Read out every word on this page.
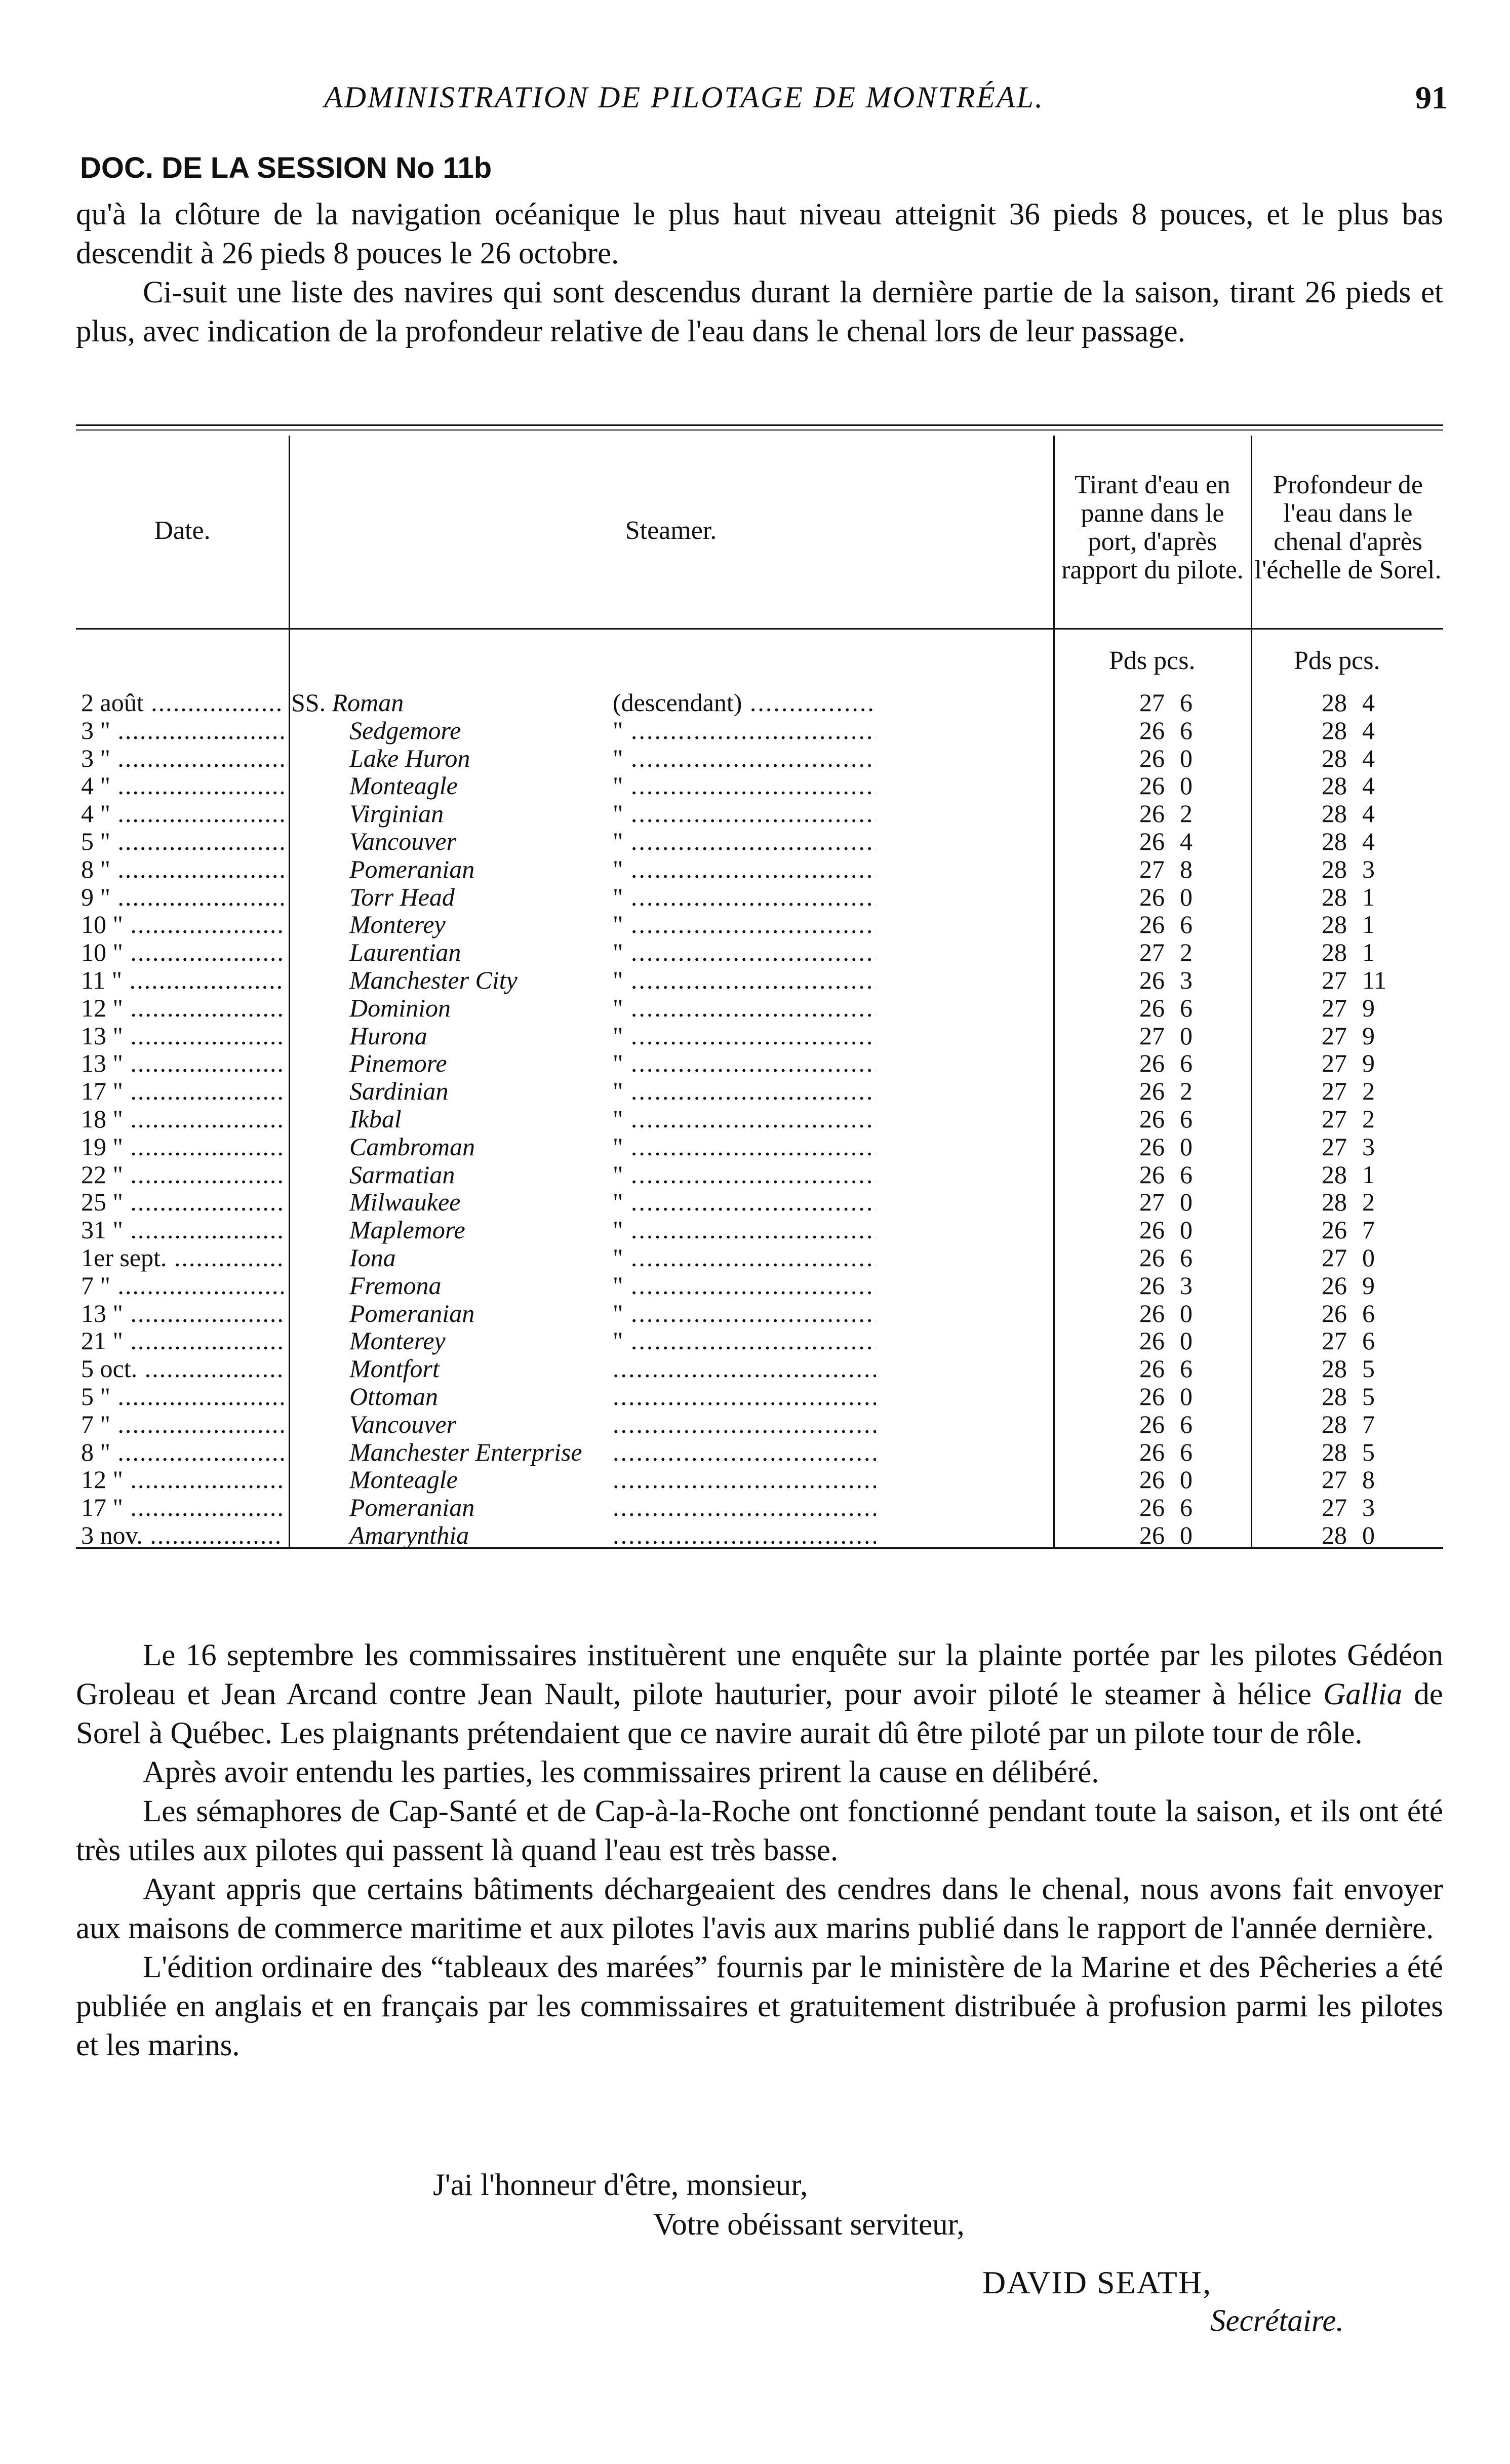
ADMINISTRATION DE PILOTAGE DE MONTRÉAL.	91
DOC. DE LA SESSION No 11b

qu'à la clôture de la navigation océanique le plus haut niveau atteignit 36 pieds 8 pouces, et le plus bas descendit à 26 pieds 8 pouces le 26 octobre.

Ci-suit une liste des navires qui sont descendus durant la dernière partie de la saison, tirant 26 pieds et plus, avec indication de la profondeur relative de l'eau dans le chenal lors de leur passage.

Date.	Steamer.
Tirant d'eau en panne dans le port, d'après rapport du pilote.
Profondeur de l'eau dans le chenal d'après l'échelle de Sorel.
Pds pcs.	Pds pcs.
2 août .....	SS. Roman	(descendant) .....	27 6	28 4
3 " .....	Sedgemore	" .....	26 6	28 4
3 " .....	Lake Huron	" .....	26 0	28 4
4 " .....	Monteagle	" .....	26 0	28 4
4 " .....	Virginian	" .....	26 2	28 4
5 " .....	Vancouver	" .....	26 4	28 4
8 " .....	Pomeranian	" .....	27 8	28 3
9 " .....	Torr Head	" .....	26 0	28 1
10 " .....	Monterey	" .....	26 6	28 1
10 " .....	Laurentian	" .....	27 2	28 1
11 " .....	Manchester City	" .....	26 3	27 11
12 " .....	Dominion	" .....	26 6	27 9
13 " .....	Hurona	" .....	27 0	27 9
13 " .....	Pinemore	" .....	26 6	27 9
17 " .....	Sardinian	" .....	26 2	27 2
18 " .....	Ikbal	" .....	26 6	27 2
19 " .....	Cambroman	" .....	26 0	27 3
22 " .....	Sarmatian	" .....	26 6	28 1
25 " .....	Milwaukee	" .....	27 0	28 2
31 " .....	Maplemore	" .....	26 0	26 7
1er sept. .....	Iona	" .....	26 6	27 0
7 " .....	Fremona	" .....	26 3	26 9
13 " .....	Pomeranian	" .....	26 0	26 6
21 " .....	Monterey	" .....	26 0	27 6
5 oct. .....	Montfort .....	26 6	28 5
5 " .....	Ottoman .....	26 0	28 5
7 " .....	Vancouver .....	26 6	28 7
8 " .....	Manchester Enterprise .....	26 6	28 5
12 " .....	Monteagle .....	26 0	27 8
17 " .....	Pomeranian .....	26 6	27 3
3 nov. .....	Amarynthia .....	26 0	28 0

Le 16 septembre les commissaires instituèrent une enquête sur la plainte portée par les pilotes Gédéon Groleau et Jean Arcand contre Jean Nault, pilote hauturier, pour avoir piloté le steamer à hélice Gallia de Sorel à Québec. Les plaignants prétendaient que ce navire aurait dû être piloté par un pilote tour de rôle.

Après avoir entendu les parties, les commissaires prirent la cause en délibéré.

Les sémaphores de Cap-Santé et de Cap-à-la-Roche ont fonctionné pendant toute la saison, et ils ont été très utiles aux pilotes qui passent là quand l'eau est très basse.

Ayant appris que certains bâtiments déchargeaient des cendres dans le chenal, nous avons fait envoyer aux maisons de commerce maritime et aux pilotes l'avis aux marins publié dans le rapport de l'année dernière.

L'édition ordinaire des “tableaux des marées” fournis par le ministère de la Marine et des Pêcheries a été publiée en anglais et en français par les commissaires et gratuitement distribuée à profusion parmi les pilotes et les marins.

J'ai l'honneur d'être, monsieur,
Votre obéissant serviteur,
DAVID SEATH,
Secrétaire.
